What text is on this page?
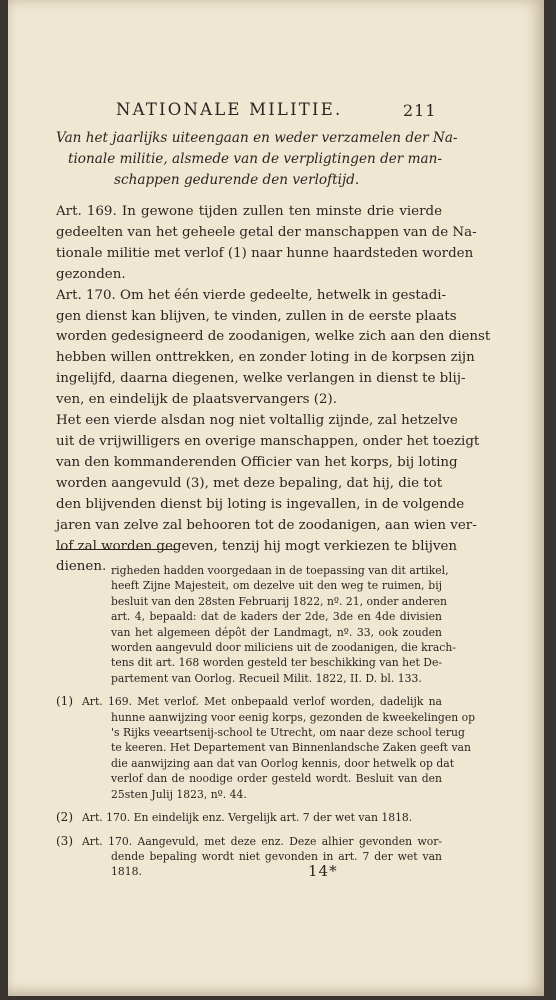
NATIONALE MILITIE.	211
Van het jaarlijks uiteengaan en weder verzamelen der Na-
tionale militie, alsmede van de verpligtingen der man-
schappen gedurende den verloftijd.
Art. 169. In gewone tijden zullen ten minste drie vierde
gedeelten van het geheele getal der manschappen van de Na-
tionale militie met verlof (1) naar hunne haardsteden worden
gezonden.
Art. 170. Om het één vierde gedeelte, hetwelk in gestadi-
gen dienst kan blijven, te vinden, zullen in de eerste plaats
worden gedesigneerd de zoodanigen, welke zich aan den dienst
hebben willen onttrekken, en zonder loting in de korpsen zijn
ingelijfd, daarna diegenen, welke verlangen in dienst te blij-
ven, en eindelijk de plaatsvervangers (2).
Het een vierde alsdan nog niet voltallig zijnde, zal hetzelve
uit de vrijwilligers en overige manschappen, onder het toezigt
van den kommanderenden Officier van het korps, bij loting
worden aangevuld (3), met deze bepaling, dat hij, die tot
den blijvenden dienst bij loting is ingevallen, in de volgende
jaren van zelve zal behooren tot de zoodanigen, aan wien ver-
lof zal worden gegeven, tenzij hij mogt verkiezen te blijven
dienen. righeden hadden voorgedaan in de toepassing van dit artikel,
heeft Zijne Majesteit, om dezelve uit den weg te ruimen, bij
besluit van den 28sten Februarij 1822, nº. 21, onder anderen
art. 4, bepaald: dat de kaders der 2de, 3de en 4de divisien
van het algemeen dépôt der Landmagt, nº. 33, ook zouden
worden aangevuld door miliciens uit de zoodanigen, die krach-
tens dit art. 168 worden gesteld ter beschikking van het De-
partement van Oorlog. Recueil Milit. 1822, II. D. bl. 133.
(1) Art. 169. Met verlof. Met onbepaald verlof worden, dadelijk na
hunne aanwijzing voor eenig korps, gezonden de kweekelingen op
's Rijks veeartsenij-school te Utrecht, om naar deze school terug
te keeren. Het Departement van Binnenlandsche Zaken geeft van
die aanwijzing aan dat van Oorlog kennis, door hetwelk op dat
verlof dan de noodige order gesteld wordt. Besluit van den
25sten Julij 1823, nº. 44.
(2) Art. 170. En eindelijk enz. Vergelijk art. 7 der wet van 1818.
(3) Art. 170. Aangevuld, met deze enz. Deze alhier gevonden wor-
dende bepaling wordt niet gevonden in art. 7 der wet van
1818.	14*
